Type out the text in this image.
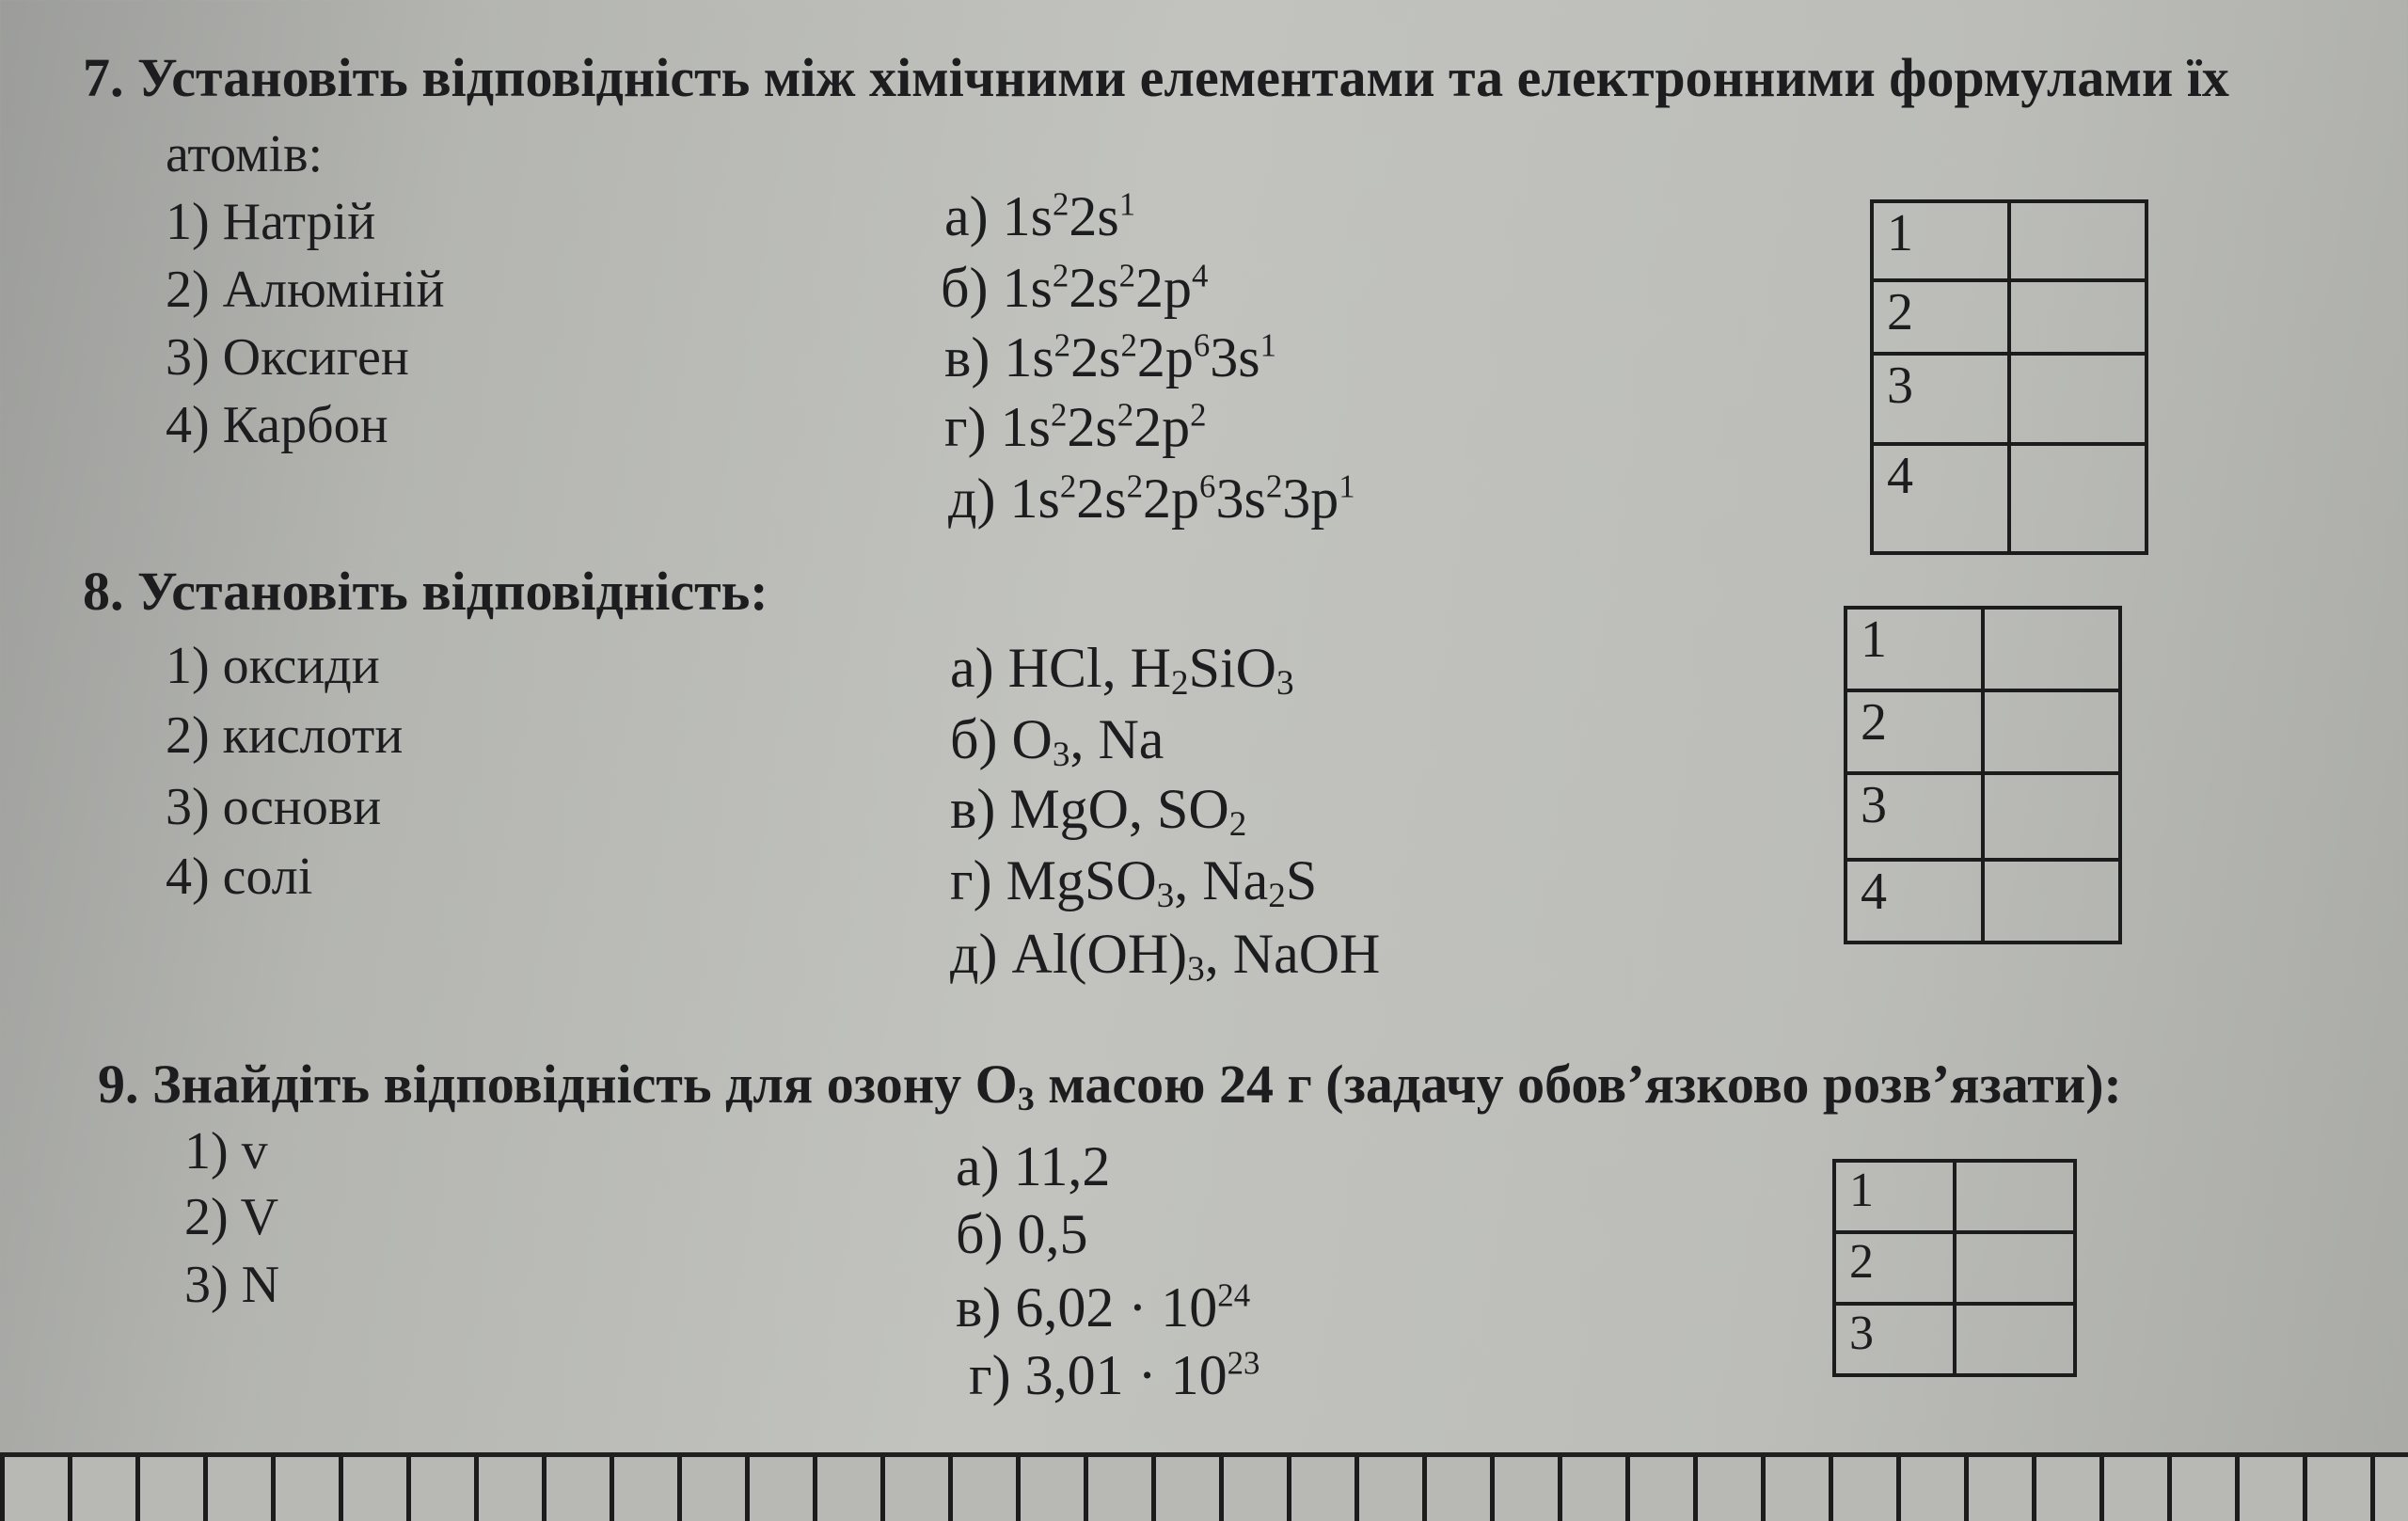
7. Установіть відповідність між хімічними елементами та електронними формулами їх
атомів:
1) Натрій
2) Алюміній
3) Оксиген
4) Карбон
а) $1s^22s^1$
б) $1s^22s^22p^4$
в) $1s^22s^22p^63s^1$
г) $1s^22s^22p^2$
д) $1s^22s^22p^63s^23p^1$
1	
2	
3	
4	
8. Установіть відповідність:
1) оксиди
2) кислоти
3) основи
4) солі
а) HCl, $H_2SiO_3$
б) $O_3$, Na
в) MgO, $SO_2$
г) MgSO$_3$, $Na_2S$
д) $Al(OH)_3$, NaOH
1	
2	
3	
4	
9. Знайдіть відповідність для озону $O_3$ масою 24 г (задачу обов’язково розв’язати):
1) v
2) V
3) N
а) 11,2
б) 0,5
в) $6,02 \cdot 10^{24}$
г) $3,01 \cdot 10^{23}$
1	
2	
3	
